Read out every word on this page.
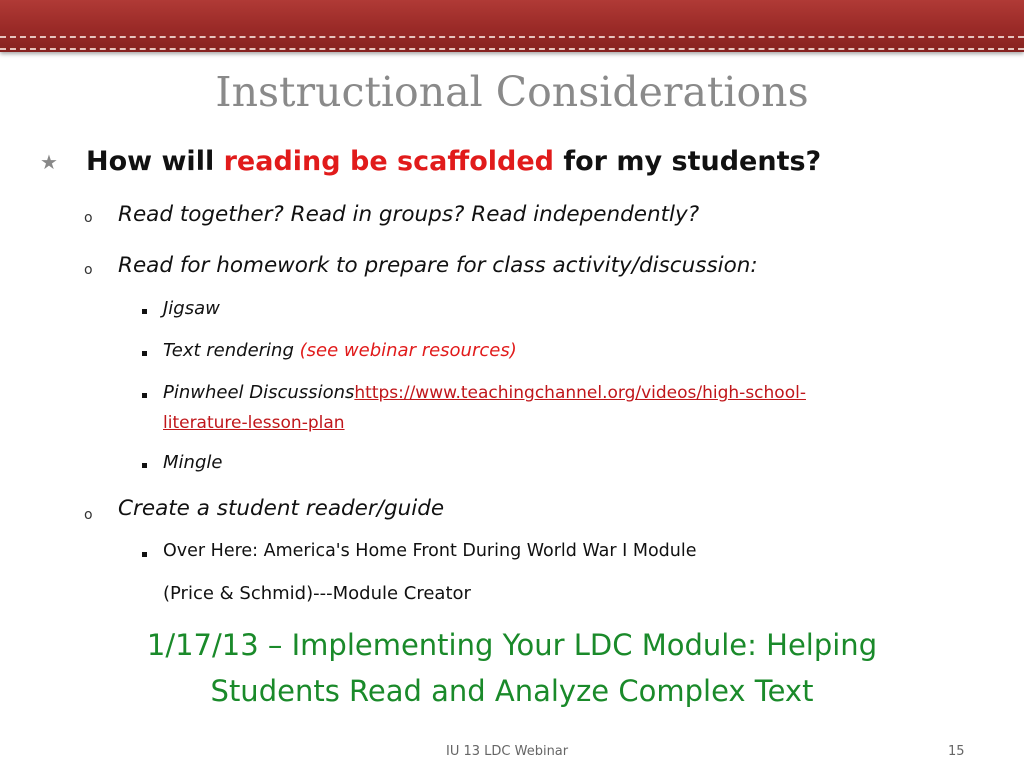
Instructional Considerations
★ How will reading be scaffolded for my students?
o Read together? Read in groups? Read independently?
o Read for homework to prepare for class activity/discussion:
Jigsaw
Text rendering (see webinar resources)
Pinwheel Discussionshttps://www.teachingchannel.org/videos/high-school-
literature-lesson-plan
Mingle
o Create a student reader/guide
Over Here: America's Home Front During World War I Module
(Price & Schmid)---Module Creator
1/17/13 – Implementing Your LDC Module: Helping
Students Read and Analyze Complex Text
IU 13 LDC Webinar	15
